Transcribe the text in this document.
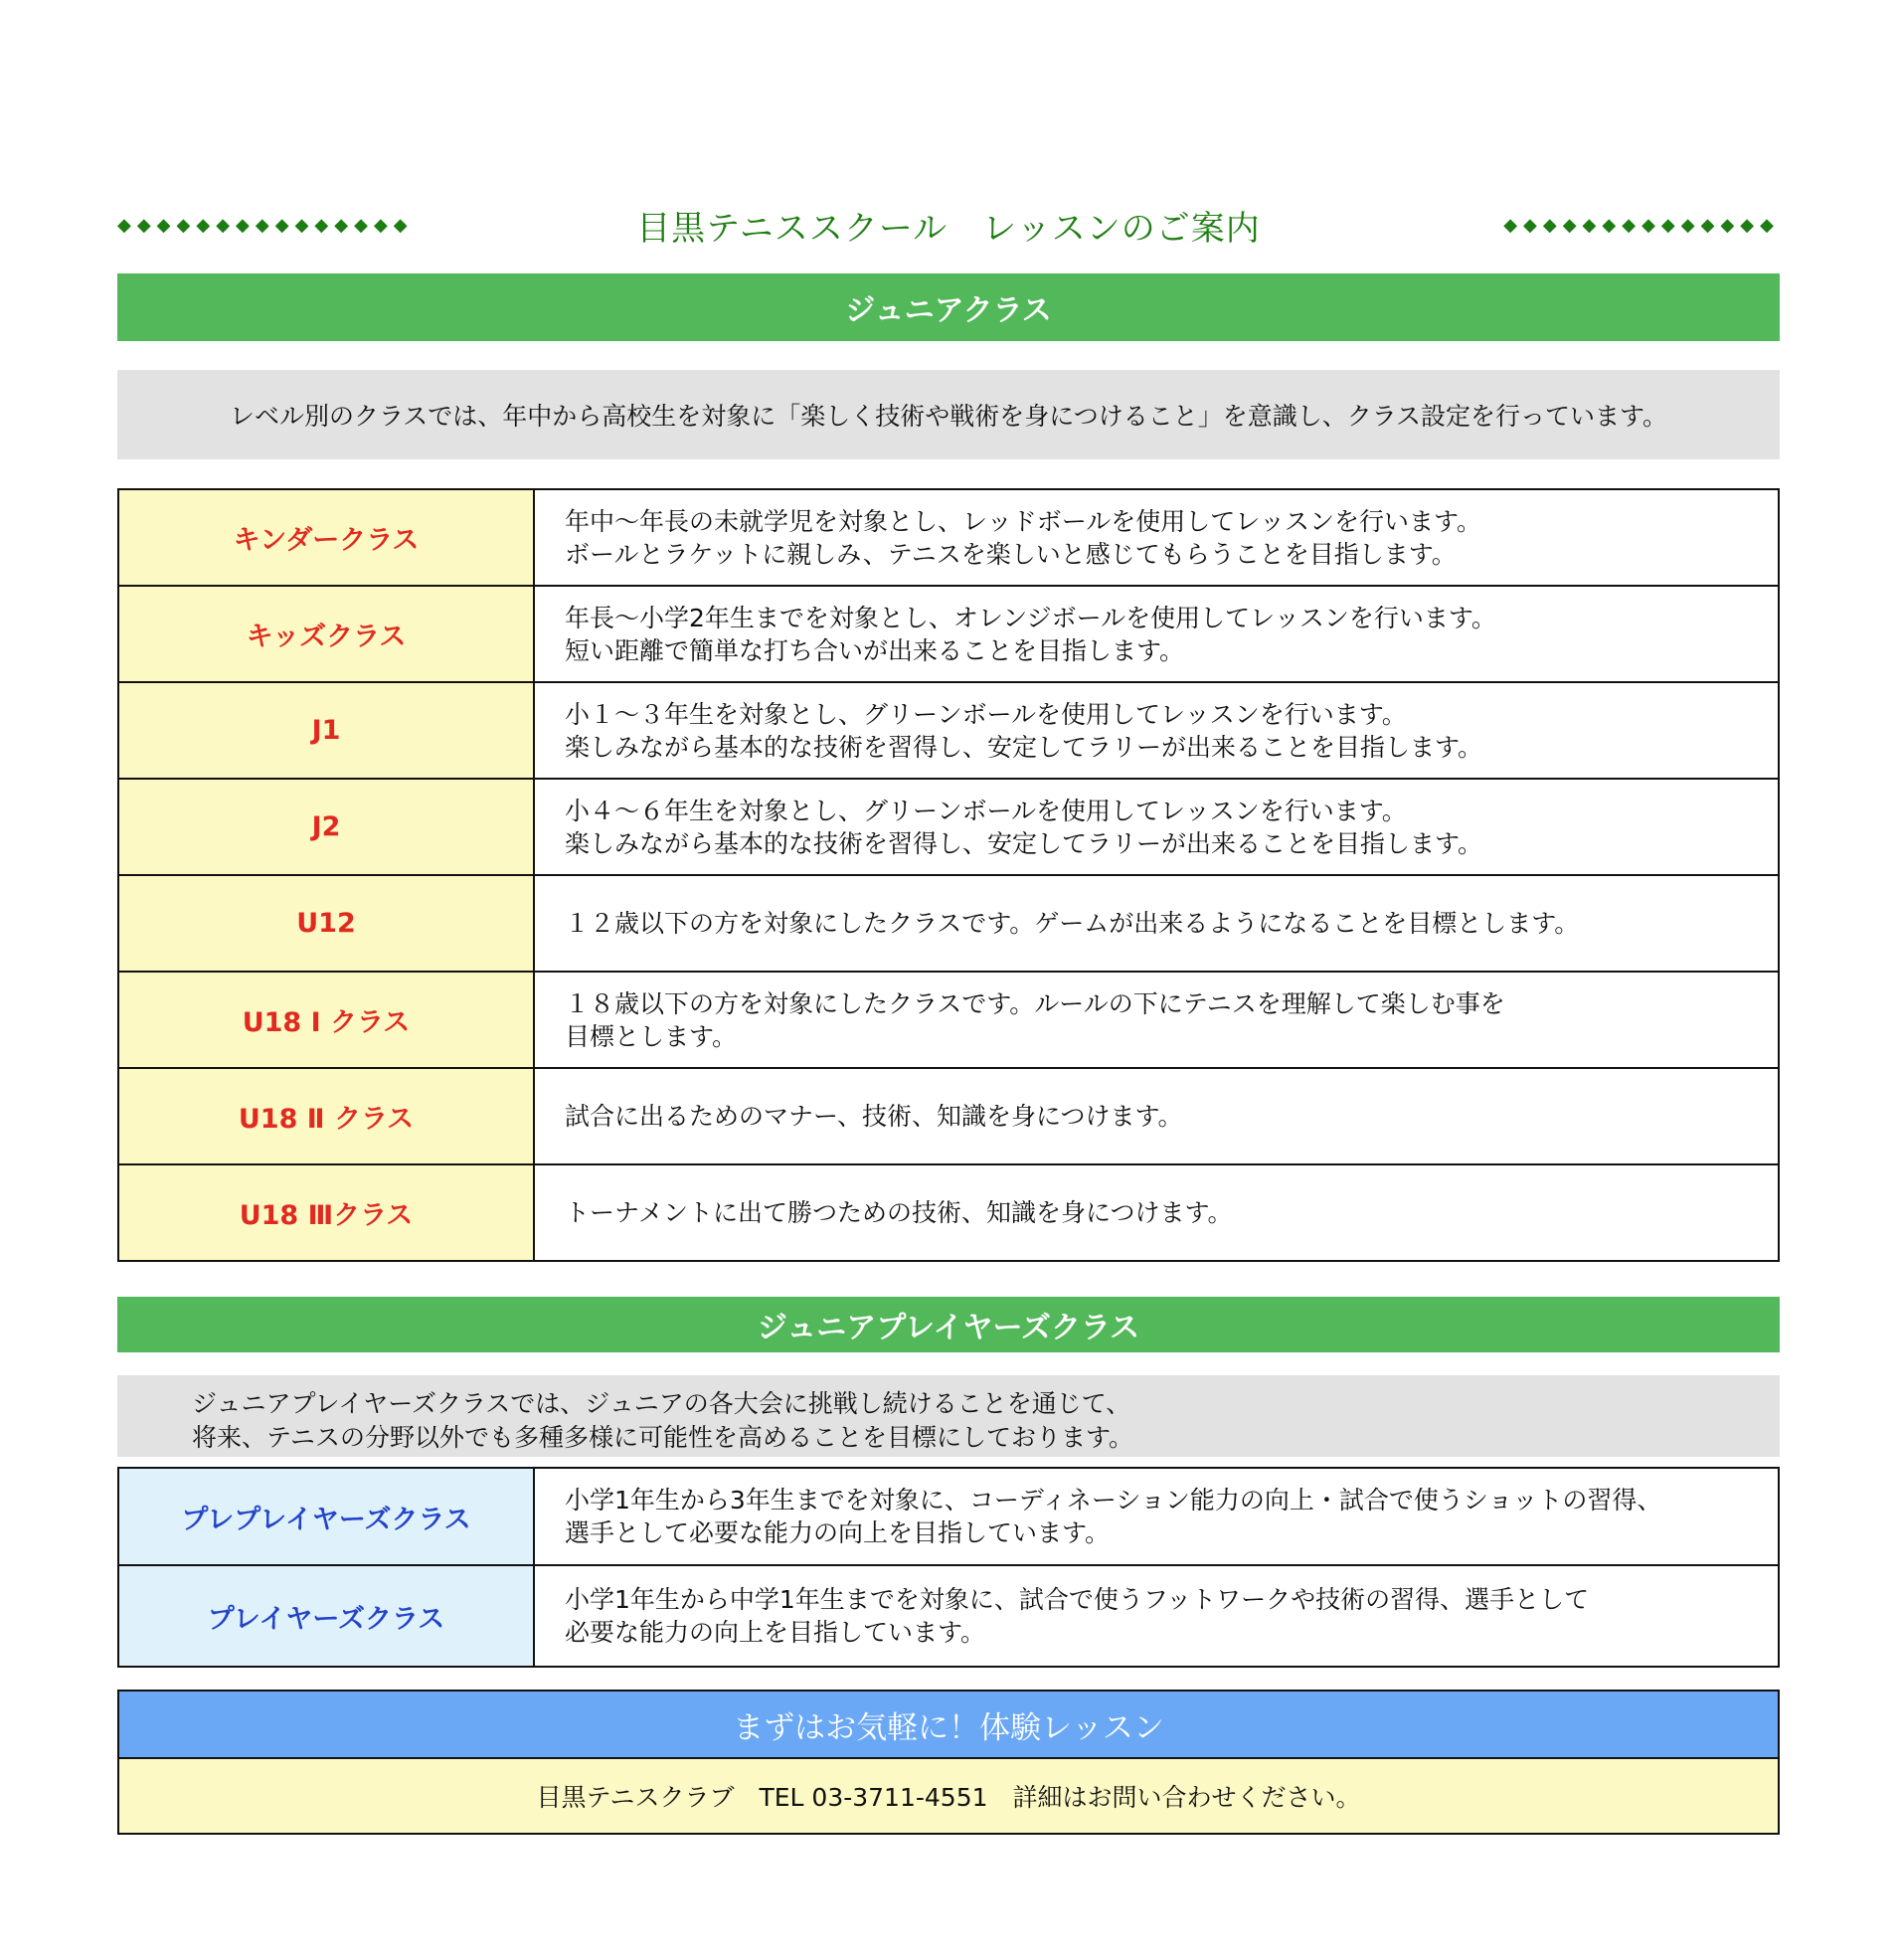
◆◆◆◆◆◆◆◆◆◆◆◆◆◆◆	目黒テニススクール　レッスンのご案内	◆◆◆◆◆◆◆◆◆◆◆◆◆◆
ジュニアクラス
レベル別のクラスでは、年中から高校生を対象に「楽しく技術や戦術を身につけること」を意識し、クラス設定を行っています。
キンダークラス	年中～年長の未就学児を対象とし、レッドボールを使用してレッスンを行います。
ボールとラケットに親しみ、テニスを楽しいと感じてもらうことを目指します。

キッズクラス	年長～小学2年生までを対象とし、オレンジボールを使用してレッスンを行います。
短い距離で簡単な打ち合いが出来ることを目指します。

J1	小１～３年生を対象とし、グリーンボールを使用してレッスンを行います。
楽しみながら基本的な技術を習得し、安定してラリーが出来ることを目指します。

J2	小４～６年生を対象とし、グリーンボールを使用してレッスンを行います。
楽しみながら基本的な技術を習得し、安定してラリーが出来ることを目指します。

U12	１２歳以下の方を対象にしたクラスです。ゲームが出来るようになることを目標とします。

U18 Ⅰ クラス	１８歳以下の方を対象にしたクラスです。ルールの下にテニスを理解して楽しむ事を
目標とします。

U18 Ⅱ クラス	試合に出るためのマナー、技術、知識を身につけます。

U18 Ⅲクラス	トーナメントに出て勝つための技術、知識を身につけます。
ジュニアプレイヤーズクラス
ジュニアプレイヤーズクラスでは、ジュニアの各大会に挑戦し続けることを通じて、
将来、テニスの分野以外でも多種多様に可能性を高めることを目標にしております。
プレプレイヤーズクラス	小学1年生から3年生までを対象に、コーディネーション能力の向上・試合で使うショットの習得、
選手として必要な能力の向上を目指しています。

プレイヤーズクラス	小学1年生から中学1年生までを対象に、試合で使うフットワークや技術の習得、選手として
必要な能力の向上を目指しています。
まずはお気軽に！体験レッスン
目黒テニスクラブ　TEL 03-3711-4551　詳細はお問い合わせください。
